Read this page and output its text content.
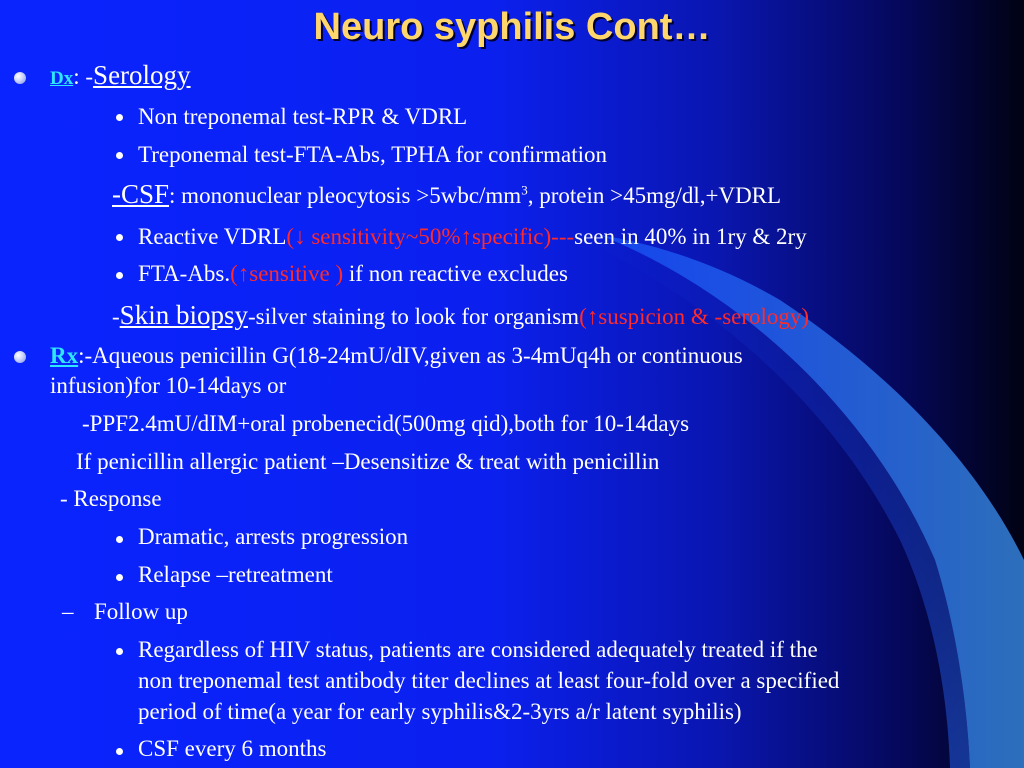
Neuro syphilis Cont…
Dx: -Serology
Non treponemal test-RPR & VDRL
Treponemal test-FTA-Abs, TPHA for confirmation
-CSF: mononuclear pleocytosis $>5wbc/mm^3$, protein >45mg/dl,+VDRL
Reactive VDRL(↓ sensitivity~50%↑specific)---seen in 40% in 1ry & 2ry
FTA-Abs.(↑sensitive ) if non reactive excludes
-Skin biopsy-silver staining to look for organism(↑suspicion & -serology)
Rx:-Aqueous penicillin G(18-24mU/dIV,given as 3-4mUq4h or continuous
infusion)for 10-14days or
-PPF2.4mU/dIM+oral probenecid(500mg qid),both for 10-14days
If penicillin allergic patient –Desensitize & treat with penicillin
- Response
Dramatic, arrests progression
Relapse –retreatment
– Follow up
Regardless of HIV status, patients are considered adequately treated if the
non treponemal test antibody titer declines at least four-fold over a specified
period of time(a year for early syphilis&2-3yrs a/r latent syphilis)
CSF every 6 months
